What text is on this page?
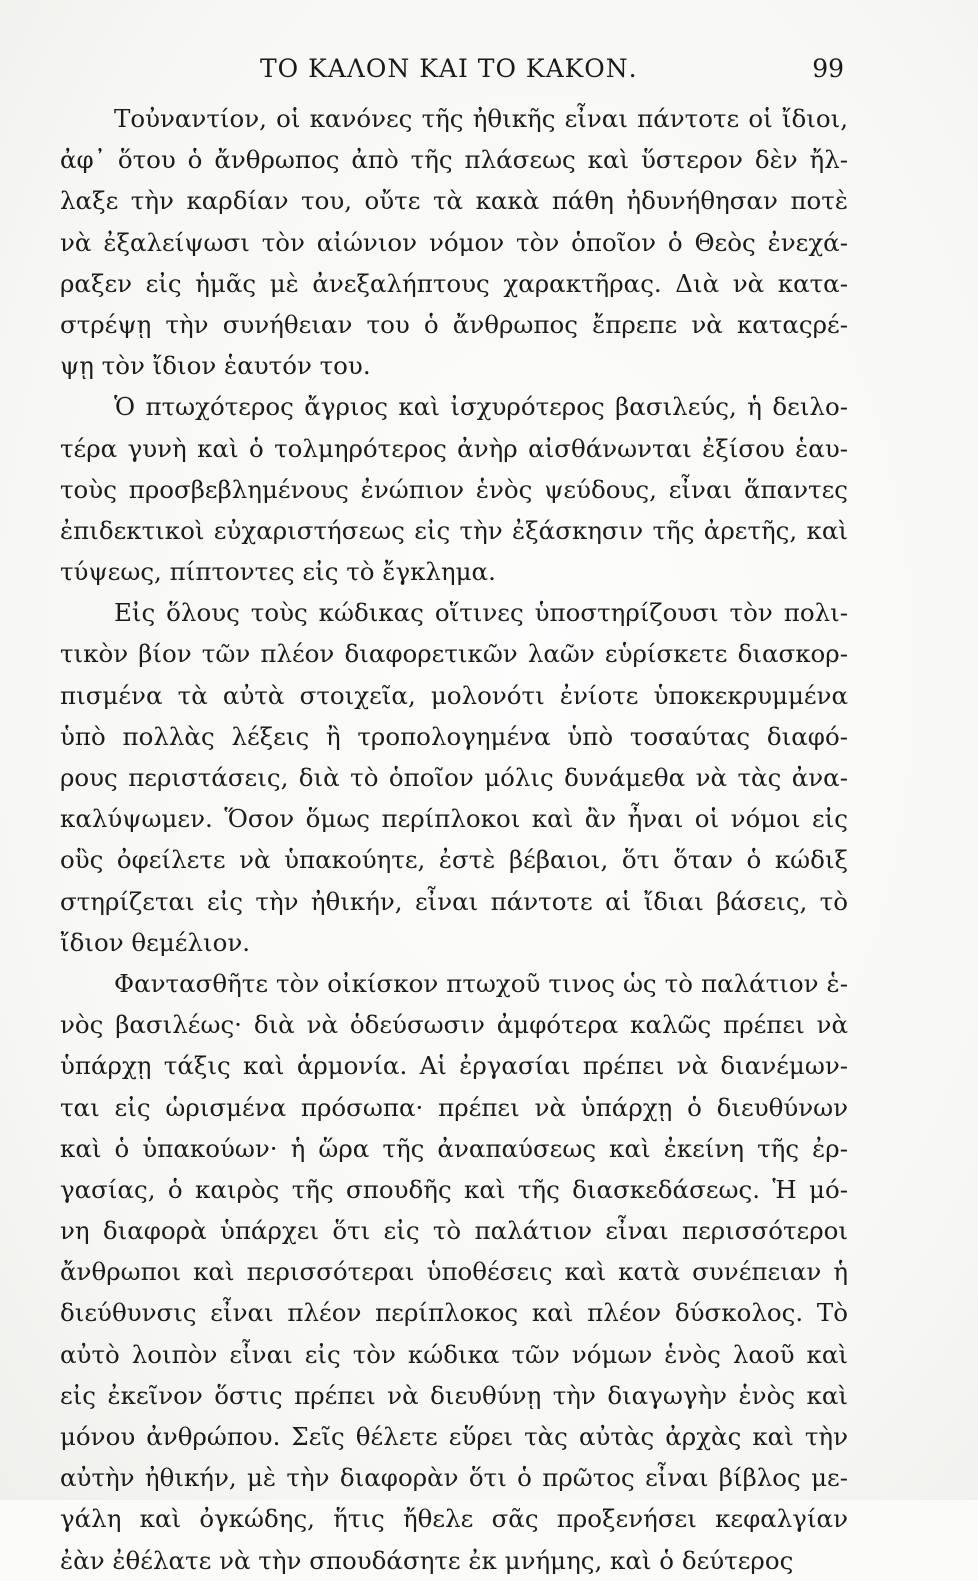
ΤΟ ΚΑΛΟΝ ΚΑΙ ΤΟ ΚΑΚΟΝ.	99
Τοὐναντίον, οἱ κανόνες τῆς ἠθικῆς εἶναι πάντοτε οἱ ἴδιοι,
ἀφ᾿ ὅτου ὁ ἄνθρωπος ἀπὸ τῆς πλάσεως καὶ ὕστερον δὲν ἤλ-
λαξε τὴν καρδίαν του, οὔτε τὰ κακὰ πάθη ἠδυνήθησαν ποτὲ
νὰ ἐξαλείψωσι τὸν αἰώνιον νόμον τὸν ὁποῖον ὁ Θεὸς ἐνεχά-
ραξεν εἰς ἡμᾶς μὲ ἀνεξαλήπτους χαρακτῆρας. Διὰ νὰ κατα-
στρέψῃ τὴν συνήθειαν του ὁ ἄνθρωπος ἔπρεπε νὰ καταςρέ-
ψῃ τὸν ἴδιον ἑαυτόν του.
Ὁ πτωχότερος ἄγριος καὶ ἰσχυρότερος βασιλεύς, ἡ δειλο-
τέρα γυνὴ καὶ ὁ τολμηρότερος ἀνὴρ αἰσθάνωνται ἐξίσου ἑαυ-
τοὺς προσβεβλημένους ἐνώπιον ἑνὸς ψεύδους, εἶναι ἅπαντες
ἐπιδεκτικοὶ εὐχαριστήσεως εἰς τὴν ἐξάσκησιν τῆς ἀρετῆς, καὶ
τύψεως, πίπτοντες εἰς τὸ ἔγκλημα.
Εἰς ὅλους τοὺς κώδικας οἵτινες ὑποστηρίζουσι τὸν πολι-
τικὸν βίον τῶν πλέον διαφορετικῶν λαῶν εὑρίσκετε διασκορ-
πισμένα τὰ αὐτὰ στοιχεῖα, μολονότι ἐνίοτε ὑποκεκρυμμένα
ὑπὸ πολλὰς λέξεις ἢ τροπολογημένα ὑπὸ τοσαύτας διαφό-
ρους περιστάσεις, διὰ τὸ ὁποῖον μόλις δυνάμεθα νὰ τὰς ἀνα-
καλύψωμεν. Ὅσον ὅμως περίπλοκοι καὶ ἂν ἦναι οἱ νόμοι εἰς
οὓς ὀφείλετε νὰ ὑπακούητε, ἐστὲ βέβαιοι, ὅτι ὅταν ὁ κώδιξ
στηρίζεται εἰς τὴν ἠθικήν, εἶναι πάντοτε αἱ ἴδιαι βάσεις, τὸ
ἴδιον θεμέλιον.
Φαντασθῆτε τὸν οἰκίσκον πτωχοῦ τινος ὡς τὸ παλάτιον ἑ-
νὸς βασιλέως· διὰ νὰ ὁδεύσωσιν ἀμφότερα καλῶς πρέπει νὰ
ὑπάρχῃ τάξις καὶ ἁρμονία. Αἱ ἐργασίαι πρέπει νὰ διανέμων-
ται εἰς ὡρισμένα πρόσωπα· πρέπει νὰ ὑπάρχῃ ὁ διευθύνων
καὶ ὁ ὑπακούων· ἡ ὥρα τῆς ἀναπαύσεως καὶ ἐκείνη τῆς ἐρ-
γασίας, ὁ καιρὸς τῆς σπουδῆς καὶ τῆς διασκεδάσεως. Ἡ μό-
νη διαφορὰ ὑπάρχει ὅτι εἰς τὸ παλάτιον εἶναι περισσότεροι
ἄνθρωποι καὶ περισσότεραι ὑποθέσεις καὶ κατὰ συνέπειαν ἡ
διεύθυνσις εἶναι πλέον περίπλοκος καὶ πλέον δύσκολος. Τὸ
αὐτὸ λοιπὸν εἶναι εἰς τὸν κώδικα τῶν νόμων ἑνὸς λαοῦ καὶ
εἰς ἐκεῖνον ὅστις πρέπει νὰ διευθύνῃ τὴν διαγωγὴν ἑνὸς καὶ
μόνου ἀνθρώπου. Σεῖς θέλετε εὕρει τὰς αὐτὰς ἀρχὰς καὶ τὴν
αὐτὴν ἠθικήν, μὲ τὴν διαφορὰν ὅτι ὁ πρῶτος εἶναι βίβλος με-
γάλη καὶ ὀγκώδης, ἥτις ἤθελε σᾶς προξενήσει κεφαλγίαν
ἐὰν ἐθέλατε νὰ τὴν σπουδάσητε ἐκ μνήμης, καὶ ὁ δεύτερος
